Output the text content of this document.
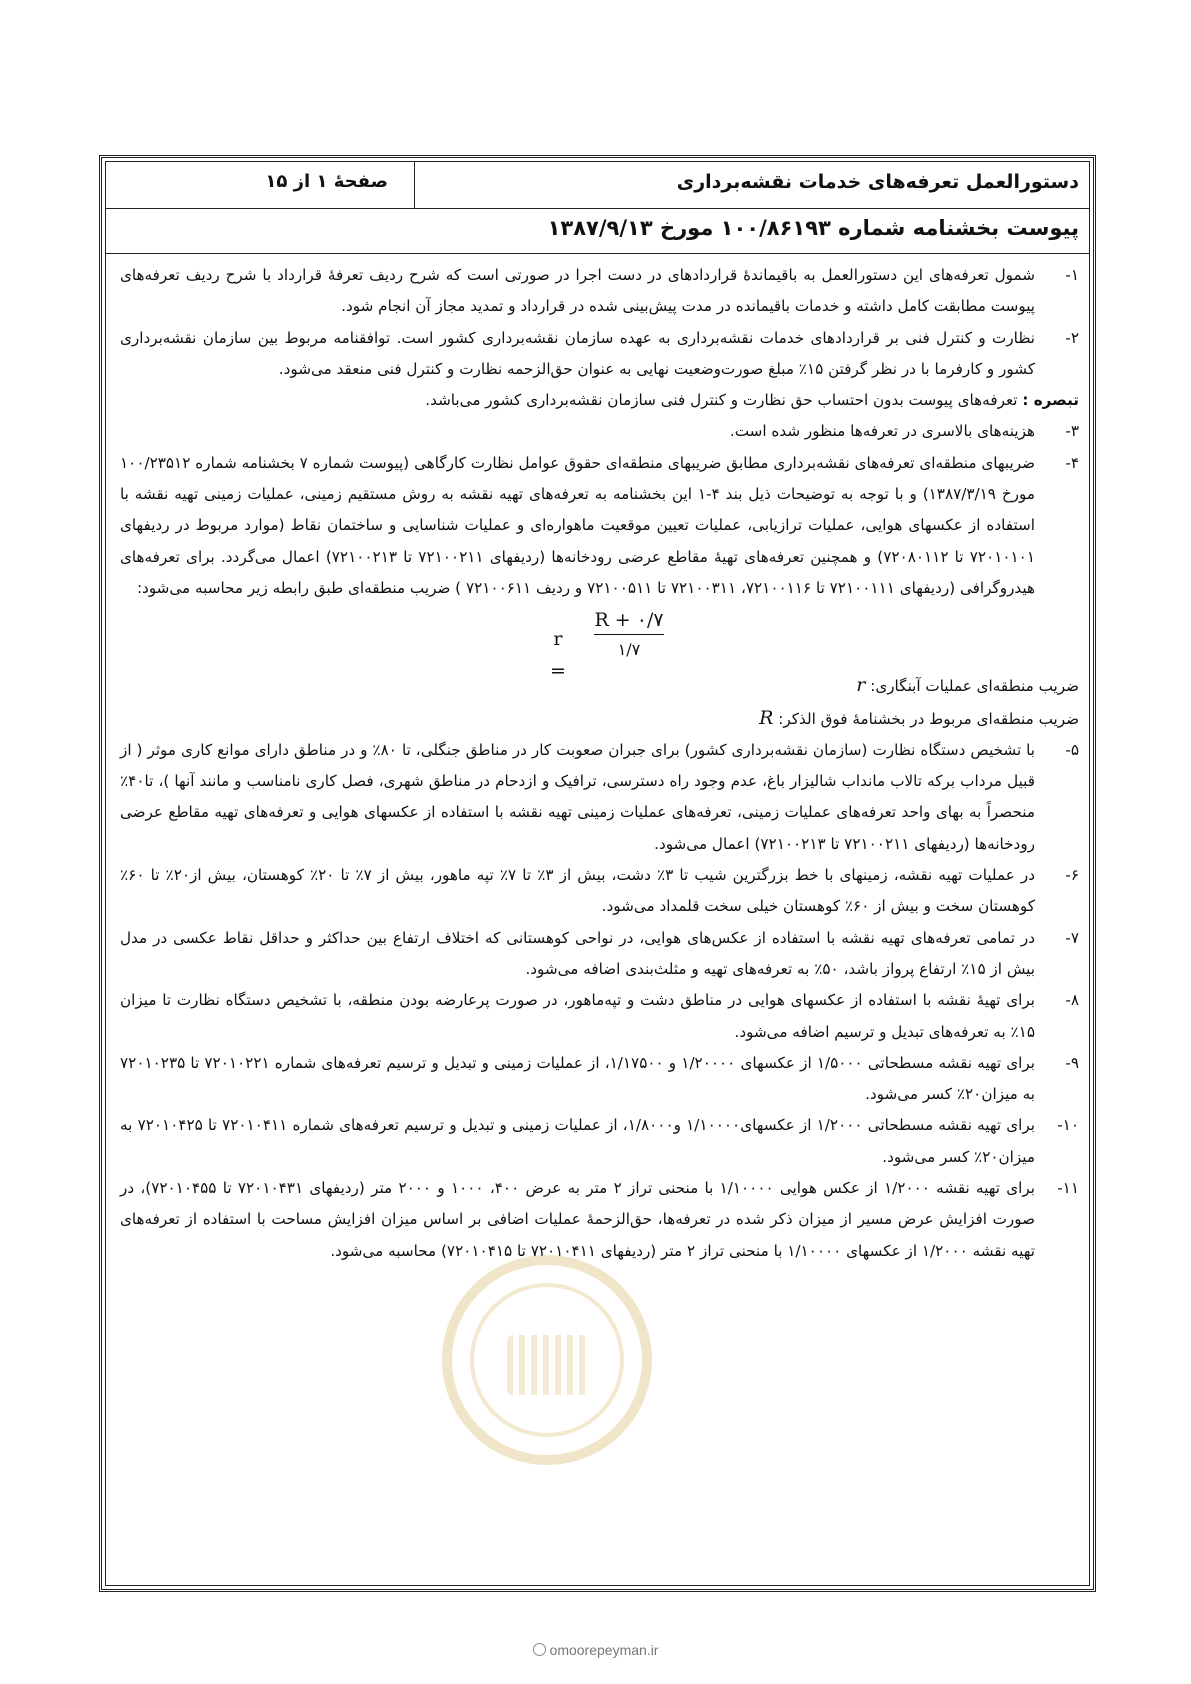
دستورالعمل تعرفه‌های خدمات نقشه‌برداری
صفحۀ ۱ از ۱۵
پیوست بخشنامه شماره ۱۰۰/۸۶۱۹۳ مورخ ۱۳۸۷/۹/۱۳

۱-
شمول تعرفه‌های این دستورالعمل به باقیماندۀ قراردادهای در دست اجرا در صورتی است که شرح ردیف تعرفۀ قرارداد با شرح ردیف تعرفه‌های پیوست مطابقت کامل داشته و خدمات باقیمانده در مدت پیش‌بینی شده در قرارداد و تمدید مجاز آن انجام شود.

۲-
نظارت و کنترل فنی بر قراردادهای خدمات نقشه‌برداری به عهده سازمان نقشه‌برداری کشور است. توافقنامه مربوط بین سازمان نقشه‌برداری کشور و کارفرما با در نظر گرفتن ۱۵٪ مبلغ صورت‌وضعیت نهایی به عنوان حق‌الزحمه نظارت و کنترل فنی منعقد می‌شود.

تبصره : تعرفه‌های پیوست بدون احتساب حق نظارت و کنترل فنی سازمان نقشه‌برداری کشور می‌باشد.

۳-
هزینه‌های بالاسری در تعرفه‌ها منظور شده است.

۴-
ضریبهای منطقه‌ای تعرفه‌های نقشه‌برداری مطابق ضریبهای منطقه‌ای حقوق عوامل نظارت کارگاهی (پیوست شماره ۷ بخشنامه شماره ۱۰۰/۲۳۵۱۲ مورخ ۱۳۸۷/۳/۱۹) و با توجه به توضیحات ذیل بند ۴-۱ این بخشنامه به تعرفه‌های تهیه نقشه به روش مستقیم زمینی، عملیات زمینی تهیه نقشه با استفاده از عکسهای هوایی، عملیات ترازیابی، عملیات تعیین موقعیت ماهواره‌ای و عملیات شناسایی و ساختمان نقاط (موارد مربوط در ردیفهای ۷۲۰۱۰۱۰۱ تا ۷۲۰۸۰۱۱۲) و همچنین تعرفه‌های تهیۀ مقاطع عرضی رودخانه‌ها (ردیفهای ۷۲۱۰۰۲۱۱ تا ۷۲۱۰۰۲۱۳) اعمال می‌گردد. برای تعرفه‌های هیدروگرافی (ردیفهای ۷۲۱۰۰۱۱۱ تا ۷۲۱۰۰۱۱۶، ۷۲۱۰۰۳۱۱ تا ۷۲۱۰۰۵۱۱ و ردیف ۷۲۱۰۰۶۱۱ ) ضریب منطقه‌ای طبق رابطه زیر محاسبه می‌شود:

r =
R + ۰/۷
۱/۷

ضریب منطقه‌ای عملیات آبنگاری: r

ضریب منطقه‌ای مربوط در بخشنامۀ فوق الذکر: R

۵-
با تشخیص دستگاه نظارت (سازمان نقشه‌برداری کشور) برای جبران صعوبت کار در مناطق جنگلی، تا ۸۰٪ و در مناطق دارای موانع کاری موثر ( از قبیل مرداب برکه تالاب مانداب شالیزار باغ، عدم وجود راه دسترسی، ترافیک و ازدحام در مناطق شهری، فصل کاری نامناسب و مانند آنها )، تا۴۰٪ منحصراً به بهای واحد تعرفه‌های عملیات زمینی، تعرفه‌های عملیات زمینی تهیه نقشه با استفاده از عکسهای هوایی و تعرفه‌های تهیه مقاطع عرضی رودخانه‌ها (ردیفهای ۷۲۱۰۰۲۱۱ تا ۷۲۱۰۰۲۱۳) اعمال می‌شود.

۶-
در عملیات تهیه نقشه، زمینهای با خط بزرگترین شیب تا ۳٪ دشت، بیش از ۳٪ تا ۷٪ تپه ماهور، بیش از ۷٪ تا ۲۰٪ کوهستان، بیش از۲۰٪ تا ۶۰٪ کوهستان سخت و بیش از ۶۰٪ کوهستان خیلی سخت قلمداد می‌شود.

۷-
در تمامی تعرفه‌های تهیه نقشه با استفاده از عکس‌های هوایی، در نواحی کوهستانی که اختلاف ارتفاع بین حداکثر و حداقل نقاط عکسی در مدل بیش از ۱۵٪ ارتفاع پرواز باشد، ۵۰٪ به تعرفه‌های تهیه و مثلث‌بندی اضافه می‌شود.

۸-
برای تهیۀ نقشه با استفاده از عکسهای هوایی در مناطق دشت و تپه‌ماهور، در صورت پرعارضه بودن منطقه، با تشخیص دستگاه نظارت تا میزان ۱۵٪ به تعرفه‌های تبدیل و ترسیم اضافه می‌شود.

۹-
برای تهیه نقشه مسطحاتی ۱/۵۰۰۰ از عکسهای ۱/۲۰۰۰۰ و ۱/۱۷۵۰۰، از عملیات زمینی و تبدیل و ترسیم تعرفه‌های شماره ۷۲۰۱۰۲۲۱ تا ۷۲۰۱۰۲۳۵ به میزان۲۰٪ کسر می‌شود.

۱۰-
برای تهیه نقشه مسطحاتی ۱/۲۰۰۰ از عکسهای۱/۱۰۰۰۰ و۱/۸۰۰۰، از عملیات زمینی و تبدیل و ترسیم تعرفه‌های شماره ۷۲۰۱۰۴۱۱ تا ۷۲۰۱۰۴۲۵ به میزان۲۰٪ کسر می‌شود.

۱۱-
برای تهیه نقشه ۱/۲۰۰۰ از عکس هوایی ۱/۱۰۰۰۰ با منحنی تراز ۲ متر به عرض ۴۰۰، ۱۰۰۰ و ۲۰۰۰ متر (ردیفهای ۷۲۰۱۰۴۳۱ تا ۷۲۰۱۰۴۵۵)، در صورت افزایش عرض مسیر از میزان ذکر شده در تعرفه‌ها، حق‌الزحمۀ عملیات اضافی بر اساس میزان افزایش مساحت با استفاده از تعرفه‌های تهیه نقشه ۱/۲۰۰۰ از عکسهای ۱/۱۰۰۰۰ با منحنی تراز ۲ متر (ردیفهای ۷۲۰۱۰۴۱۱ تا ۷۲۰۱۰۴۱۵) محاسبه می‌شود.

omoorepeyman.ir
